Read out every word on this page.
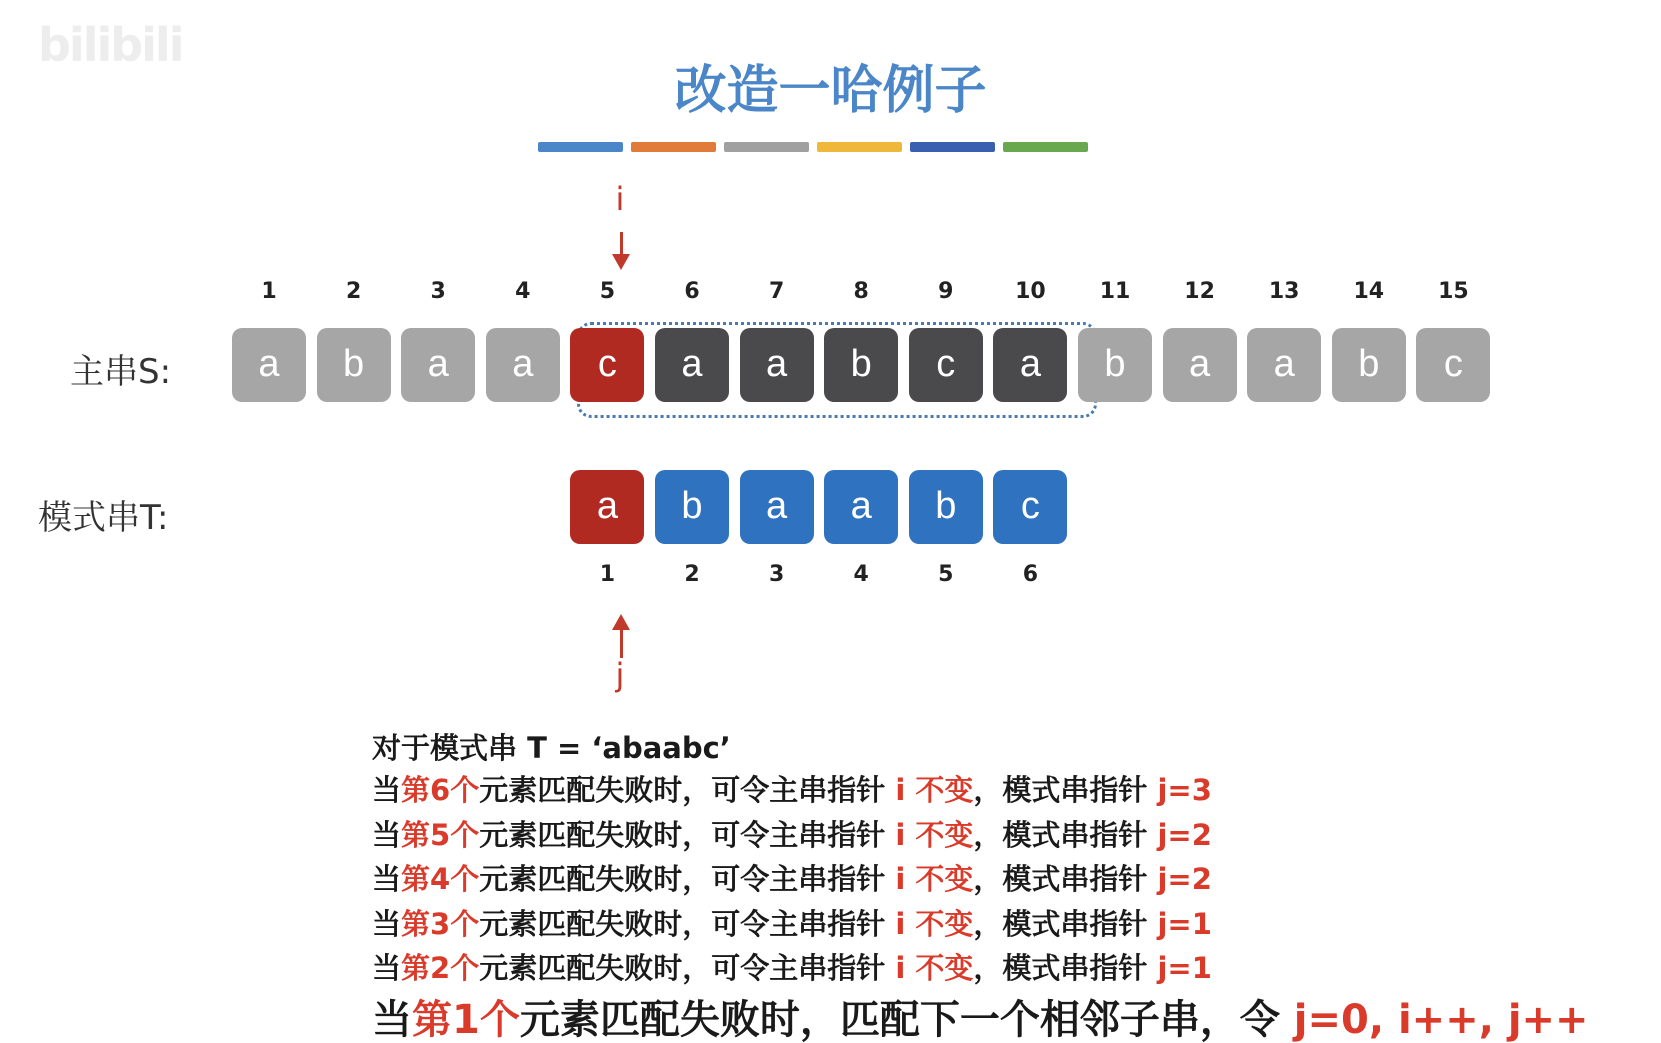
bilibili
改造一哈例子
i
1	2	3	4	5	6	7	8	9	10	11	12	13	14	15
主串S:	a	b	a	a	c	a	a	b	c	a	b	a	a	b	c
模式串T:	a	b	a	a	b	c
1	2	3	4	5	6
j
对于模式串 T = ‘abaabc’
当第6个元素匹配失败时，可令主串指针 i 不变，模式串指针 j=3
当第5个元素匹配失败时，可令主串指针 i 不变，模式串指针 j=2
当第4个元素匹配失败时，可令主串指针 i 不变，模式串指针 j=2
当第3个元素匹配失败时，可令主串指针 i 不变，模式串指针 j=1
当第2个元素匹配失败时，可令主串指针 i 不变，模式串指针 j=1
当第1个元素匹配失败时，匹配下一个相邻子串，令 j=0, i++, j++
